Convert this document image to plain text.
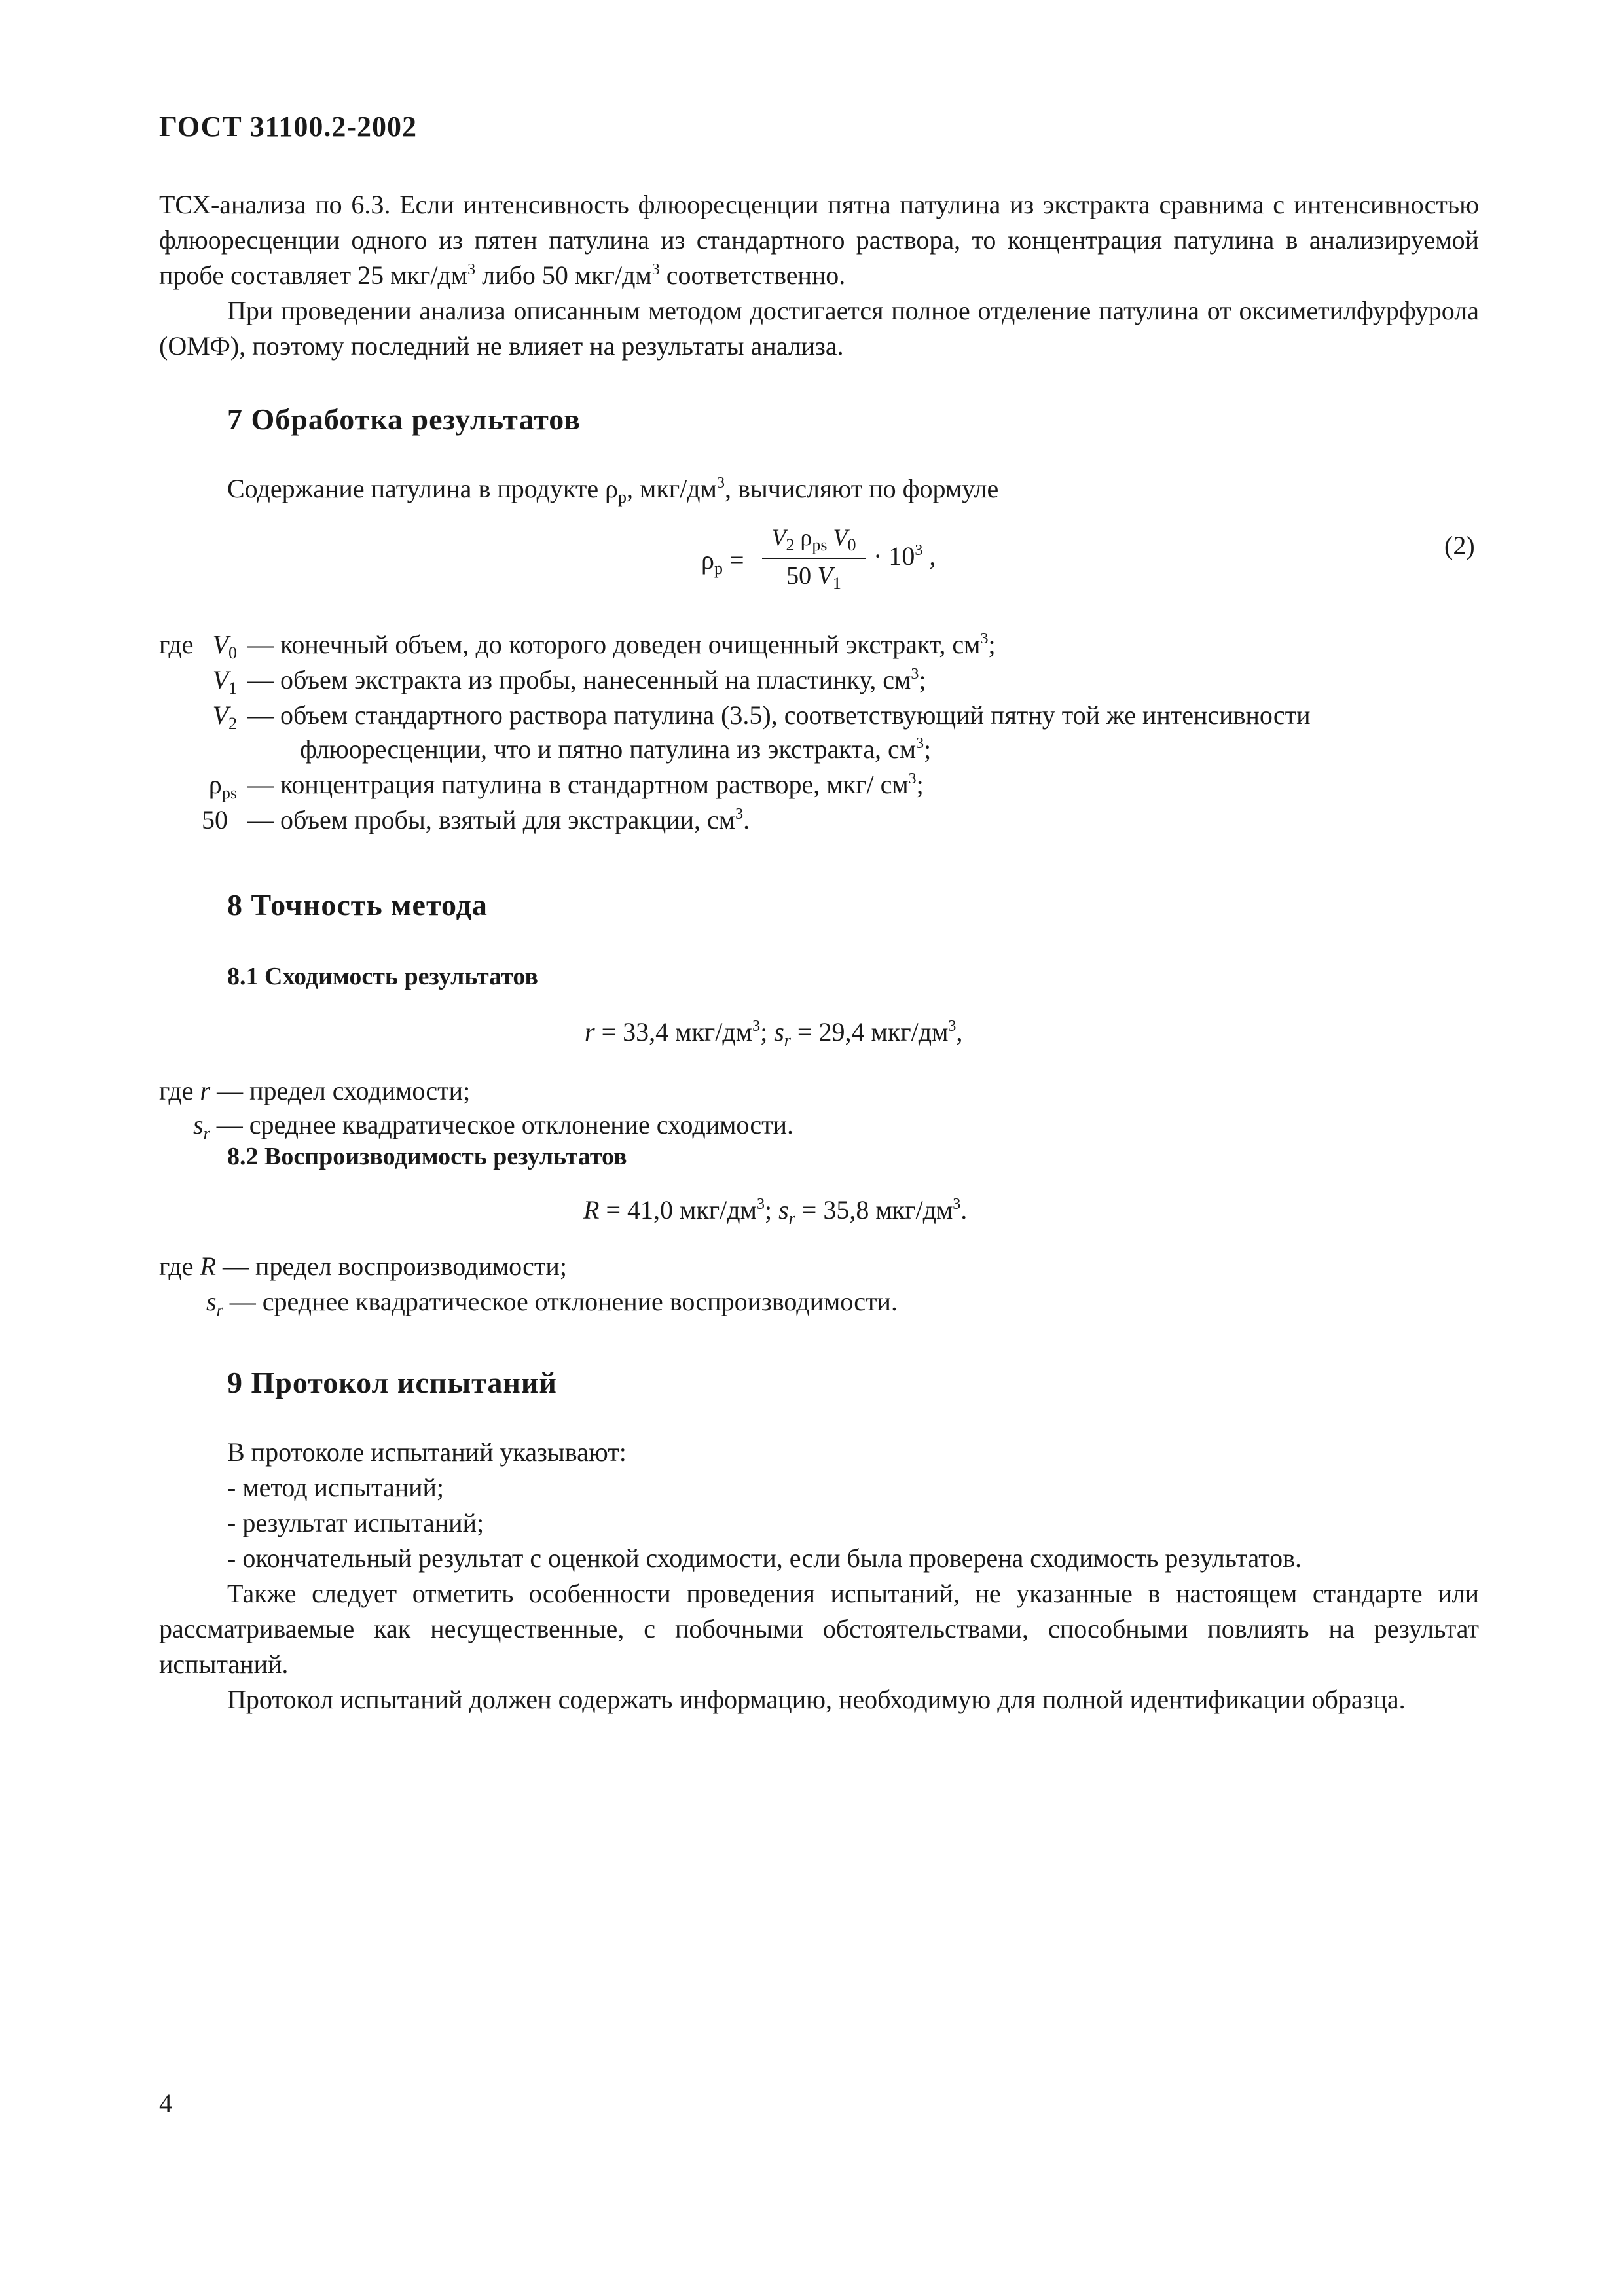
ГОСТ 31100.2-2002

ТСХ-анализа по 6.3. Если интенсивность флюоресценции пятна патулина из экстракта сравнима с интенсивностью флюоресценции одного из пятен патулина из стандартного раствора, то концентрация патулина в анализируемой пробе составляет 25 мкг/$дм^3$ либо 50 мкг/$дм^3$ соответственно.

При проведении анализа описанным методом достигается полное отделение патулина от оксиметилфурфурола (ОМФ), поэтому последний не влияет на результаты анализа.

7 Обработка результатов
Содержание патулина в продукте $\rho_p$, мкг/$дм^3$, вычисляют по формуле
$\rho_p$ =
$V_2$ $\rho_{ps}$ $V_0$
50 $V_1$
· $10^3$ ,	(2)
где $V_0$ — конечный объем, до которого доведен очищенный экстракт, $см^3$;
$V_1$ — объем экстракта из пробы, нанесенный на пластинку, $см^3$;
$V_2$ — объем стандартного раствора патулина (3.5), соответствующий пятну той же интенсивности
флюоресценции, что и пятно патулина из экстракта, $см^3$;
$\rho_{ps}$ — концентрация патулина в стандартном растворе, мкг/ $см^3$;
50 — объем пробы, взятый для экстракции, $см^3$.
8 Точность метода
8.1 Сходимость результатов
r = 33,4 мкг/$дм^3$; $s_r = 29,4$ мкг/$дм^3$,
где r — предел сходимости;
$s_r$ — среднее квадратическое отклонение сходимости.
8.2 Воспроизводимость результатов
R = 41,0 мкг/$дм^3$; $s_r = 35,8$ мкг/$дм^3$.
где R — предел воспроизводимости;
$s_r$ — среднее квадратическое отклонение воспроизводимости.
9 Протокол испытаний

В протоколе испытаний указывают:

- метод испытаний;

- результат испытаний;

- окончательный результат с оценкой сходимости, если была проверена сходимость результатов.

Также следует отметить особенности проведения испытаний, не указанные в настоящем стандарте или рассматриваемые как несущественные, с побочными обстоятельствами, способными повлиять на результат испытаний.

Протокол испытаний должен содержать информацию, необходимую для полной идентификации образца.

4
